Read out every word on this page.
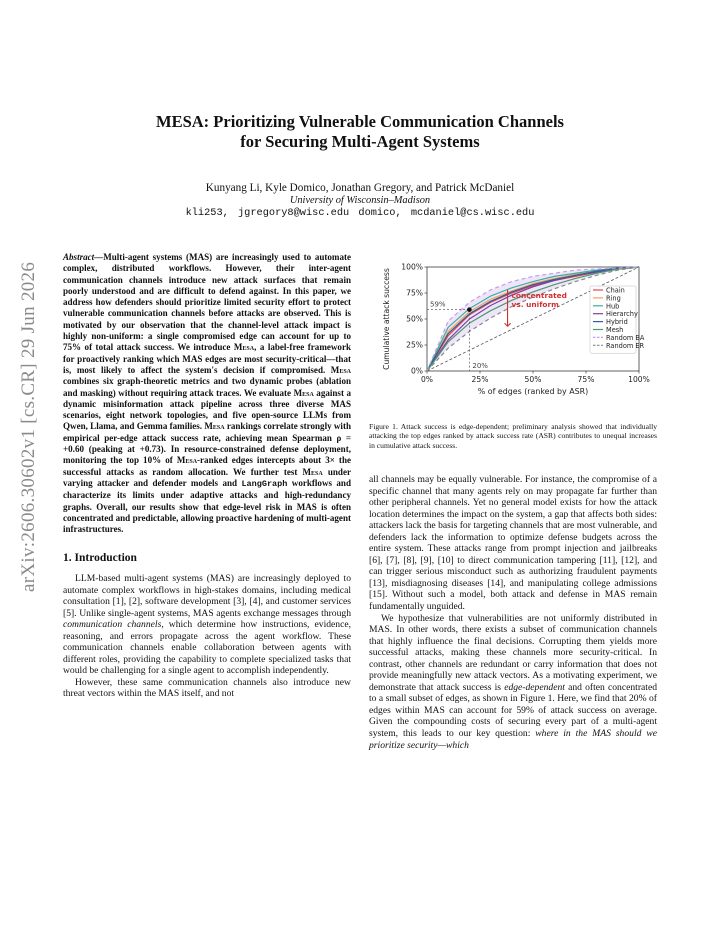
arXiv:2606.30602v1 [cs.CR] 29 Jun 2026
MESA: Prioritizing Vulnerable Communication Channels
for Securing Multi-Agent Systems
Kunyang Li, Kyle Domico, Jonathan Gregory, and Patrick McDaniel
University of Wisconsin–Madison
kli253, jgregory8@wisc.edu domico, mcdaniel@cs.wisc.edu
Abstract—Multi-agent systems (MAS) are increasingly used to automate complex, distributed workflows. However, their inter-agent communication channels introduce new attack surfaces that remain poorly understood and are difficult to defend against. In this paper, we address how defenders should prioritize limited security effort to protect vulnerable communication channels before attacks are observed. This is motivated by our observation that the channel-level attack impact is highly non-uniform: a single compromised edge can account for up to 75% of total attack success. We introduce Mesa, a label-free framework for proactively ranking which MAS edges are most security-critical—that is, most likely to affect the system's decision if compromised. Mesa combines six graph-theoretic metrics and two dynamic probes (ablation and masking) without requiring attack traces. We evaluate Mesa against a dynamic misinformation attack pipeline across three diverse MAS scenarios, eight network topologies, and five open-source LLMs from Qwen, Llama, and Gemma families. Mesa rankings correlate strongly with empirical per-edge attack success rate, achieving mean Spearman ρ = +0.60 (peaking at +0.73). In resource-constrained defense deployment, monitoring the top 10% of Mesa-ranked edges intercepts about 3× the successful attacks as random allocation. We further test Mesa under varying attacker and defender models and LangGraph workflows and characterize its limits under adaptive attacks and high-redundancy graphs. Overall, our results show that edge-level risk in MAS is often concentrated and predictable, allowing proactive hardening of multi-agent infrastructures.
1. Introduction
LLM-based multi-agent systems (MAS) are increasingly deployed to automate complex workflows in high-stakes domains, including medical consultation [1], [2], software development [3], [4], and customer services [5]. Unlike single-agent systems, MAS agents exchange messages through communication channels, which determine how instructions, evidence, reasoning, and errors propagate across the agent workflow. These communication channels enable collaboration between agents with different roles, providing the capability to complete specialized tasks that would be challenging for a single agent to accomplish independently.
However, these same communication channels also introduce new threat vectors within the MAS itself, and not
0%
0%
25%
25%
50%
50%
75%
75%
100%
100%
% of edges (ranked by ASR)
Cumulative attack success	59%
20%
concentrated
vs. uniform
Chain
Ring
Hub
Hierarchy
Hybrid
Mesh
Random BA
Random ER
Figure 1. Attack success is edge-dependent; preliminary analysis showed that individually attacking the top edges ranked by attack success rate (ASR) contributes to unequal increases in cumulative attack success.
all channels may be equally vulnerable. For instance, the compromise of a specific channel that many agents rely on may propagate far further than other peripheral channels. Yet no general model exists for how the attack location determines the impact on the system, a gap that affects both sides: attackers lack the basis for targeting channels that are most vulnerable, and defenders lack the information to optimize defense budgets across the entire system. These attacks range from prompt injection and jailbreaks [6], [7], [8], [9], [10] to direct communication tampering [11], [12], and can trigger serious misconduct such as authorizing fraudulent payments [13], misdiagnosing diseases [14], and manipulating college admissions [15]. Without such a model, both attack and defense in MAS remain fundamentally unguided.
We hypothesize that vulnerabilities are not uniformly distributed in MAS. In other words, there exists a subset of communication channels that highly influence the final decisions. Corrupting them yields more successful attacks, making these channels more security-critical. In contrast, other channels are redundant or carry information that does not provide meaningfully new attack vectors. As a motivating experiment, we demonstrate that attack success is edge-dependent and often concentrated to a small subset of edges, as shown in Figure 1. Here, we find that 20% of edges within MAS can account for 59% of attack success on average. Given the compounding costs of securing every part of a multi-agent system, this leads to our key question: where in the MAS should we prioritize security—which
